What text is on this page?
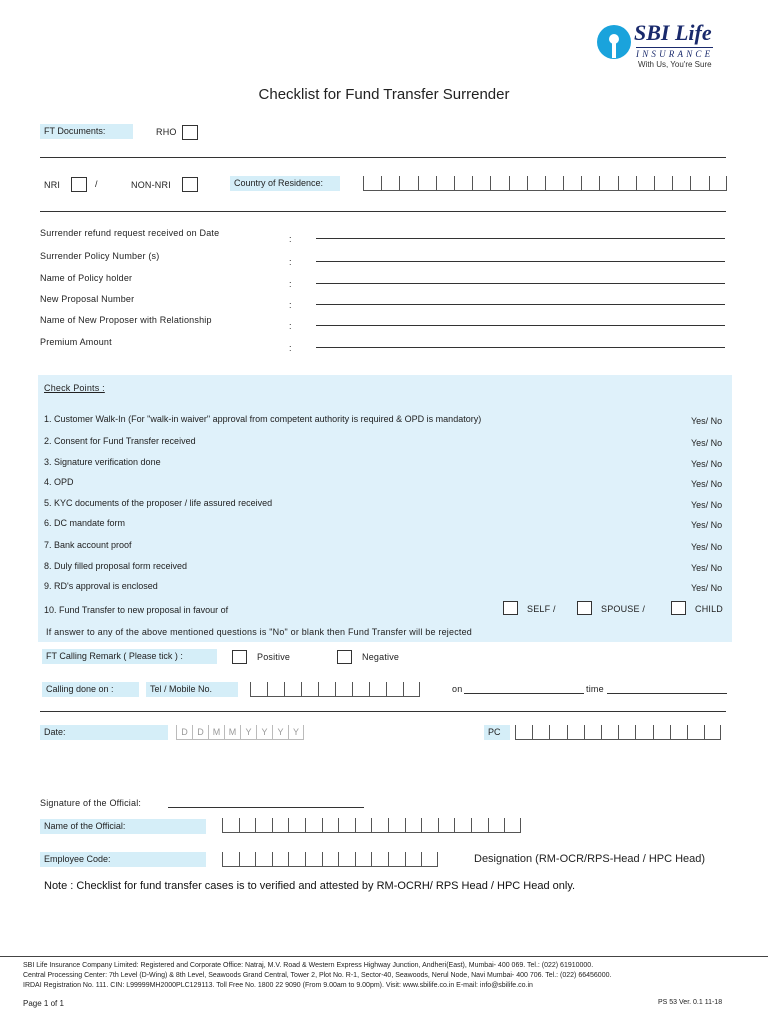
SBI Life
INSURANCE
With Us, You're Sure
Checklist for Fund Transfer Surrender
FT Documents:	RHO
NRI	/	NON-NRI	Country of Residence:
Surrender refund request received on Date
:
Surrender Policy Number (s)
:
Name of Policy holder
:
New Proposal Number
:
Name of New Proposer with Relationship
:
Premium Amount
:
Check Points :
1. Customer Walk-In (For "walk-in waiver" approval from competent authority is required & OPD is mandatory)	Yes/ No
2. Consent for Fund Transfer received	Yes/ No
3. Signature verification done	Yes/ No
4. OPD	Yes/ No
5. KYC documents of the proposer / life assured received	Yes/ No
6. DC mandate form	Yes/ No
7. Bank account proof	Yes/ No
8. Duly filled proposal form received	Yes/ No
9. RD's approval is enclosed	Yes/ No
10. Fund Transfer to new proposal in favour of	SELF /	SPOUSE /	CHILD
If answer to any of the above mentioned questions is "No" or blank then Fund Transfer will be rejected
FT Calling Remark ( Please tick ) :	Positive	Negative
Calling done on :	Tel / Mobile No.	on	time
Date:	D	D	M M	Y	Y	Y	Y	PC
Signature of the Official:
Name of the Official:
Employee Code:	Designation (RM-OCR/RPS-Head / HPC Head)
Note : Checklist for fund transfer cases is to verified and attested by RM-OCRH/ RPS Head / HPC Head only.
SBI Life Insurance Company Limited: Registered and Corporate Office: Natraj, M.V. Road & Western Express Highway Junction, Andheri(East), Mumbai- 400 069. Tel.: (022) 61910000.
Central Processing Center: 7th Level (D-Wing) & 8th Level, Seawoods Grand Central, Tower 2, Plot No. R-1, Sector-40, Seawoods, Nerul Node, Navi Mumbai- 400 706. Tel.: (022) 66456000.
IRDAI Registration No. 111. CIN: L99999MH2000PLC129113. Toll Free No. 1800 22 9090 (From 9.00am to 9.00pm). Visit: www.sbilife.co.in E-mail: info@sbilife.co.in
Page 1 of 1	PS 53 Ver. 0.1 11-18
